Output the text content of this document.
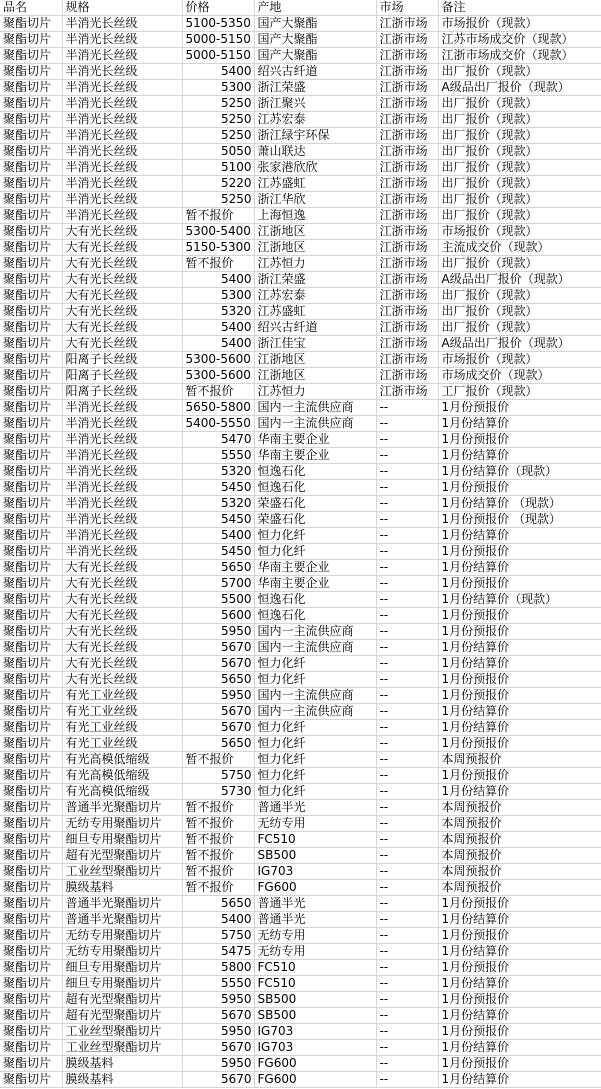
品名	规格	价格	产地	市场	备注
聚酯切片	半消光长丝级	5100-5350	国产大聚酯	江浙市场	市场报价（现款）
聚酯切片	半消光长丝级	5000-5150	国产大聚酯	江浙市场	江苏市场成交价（现款）
聚酯切片	半消光长丝级	5000-5150	国产大聚酯	江浙市场	江浙市场成交价（现款）
聚酯切片	半消光长丝级	5400	绍兴古纤道	江浙市场	出厂报价（现款）
聚酯切片	半消光长丝级	5300	浙江荣盛	江浙市场	A级品出厂报价（现款）
聚酯切片	半消光长丝级	5250	浙江聚兴	江浙市场	出厂报价（现款）
聚酯切片	半消光长丝级	5250	江苏宏泰	江浙市场	出厂报价（现款）
聚酯切片	半消光长丝级	5250	浙江绿宇环保	江浙市场	出厂报价（现款）
聚酯切片	半消光长丝级	5050	萧山联达	江浙市场	出厂报价（现款）
聚酯切片	半消光长丝级	5100	张家港欣欣	江浙市场	出厂报价（现款）
聚酯切片	半消光长丝级	5220	江苏盛虹	江浙市场	出厂报价（现款）
聚酯切片	半消光长丝级	5250	浙江华欣	江浙市场	出厂报价（现款）
聚酯切片	半消光长丝级	暂不报价	上海恒逸	江浙市场	出厂报价（现款）
聚酯切片	大有光长丝级	5300-5400	江浙地区	江浙市场	市场报价（现款）
聚酯切片	大有光长丝级	5150-5300	江浙地区	江浙市场	主流成交价（现款）
聚酯切片	大有光长丝级	暂不报价	江苏恒力	江浙市场	出厂报价（现款）
聚酯切片	大有光长丝级	5400	浙江荣盛	江浙市场	A级品出厂报价（现款）
聚酯切片	大有光长丝级	5300	江苏宏泰	江浙市场	出厂报价（现款）
聚酯切片	大有光长丝级	5320	江苏盛虹	江浙市场	出厂报价（现款）
聚酯切片	大有光长丝级	5400	绍兴古纤道	江浙市场	出厂报价（现款）
聚酯切片	大有光长丝级	5400	浙江佳宝	江浙市场	A级品出厂报价（现款）
聚酯切片	阳离子长丝级	5300-5600	江浙地区	江浙市场	市场报价（现款）
聚酯切片	阳离子长丝级	5300-5600	江浙地区	江浙市场	市场成交价（现款）
聚酯切片	阳离子长丝级	暂不报价	江苏恒力	江浙市场	工厂报价（现款）
聚酯切片	半消光长丝级	5650-5800	国内一主流供应商	--	1月份预报价
聚酯切片	半消光长丝级	5400-5550	国内一主流供应商	--	1月份结算价
聚酯切片	半消光长丝级	5470	华南主要企业	--	1月份预报价
聚酯切片	半消光长丝级	5550	华南主要企业	--	1月份结算价
聚酯切片	半消光长丝级	5320	恒逸石化	--	1月份结算价（现款）
聚酯切片	半消光长丝级	5450	恒逸石化	--	1月份预报价
聚酯切片	半消光长丝级	5320	荣盛石化	--	1月份结算价 （现款）
聚酯切片	半消光长丝级	5450	荣盛石化	--	1月份预报价 （现款）
聚酯切片	半消光长丝级	5400	恒力化纤	--	1月份结算价
聚酯切片	半消光长丝级	5450	恒力化纤	--	1月份预报价
聚酯切片	大有光长丝级	5650	华南主要企业	--	1月份结算价
聚酯切片	大有光长丝级	5700	华南主要企业	--	1月份预报价
聚酯切片	大有光长丝级	5500	恒逸石化	--	1月份结算价（现款）
聚酯切片	大有光长丝级	5600	恒逸石化	--	1月份预报价
聚酯切片	大有光长丝级	5950	国内一主流供应商	--	1月份预报价
聚酯切片	大有光长丝级	5670	国内一主流供应商	--	1月份结算价
聚酯切片	大有光长丝级	5670	恒力化纤	--	1月份结算价
聚酯切片	大有光长丝级	5650	恒力化纤	--	1月份预报价
聚酯切片	有光工业丝级	5950	国内一主流供应商	--	1月份预报价
聚酯切片	有光工业丝级	5670	国内一主流供应商	--	1月份结算价
聚酯切片	有光工业丝级	5670	恒力化纤	--	1月份结算价
聚酯切片	有光工业丝级	5650	恒力化纤	--	1月份预报价
聚酯切片	有光高模低缩级	暂不报价	恒力化纤	--	本周预报价
聚酯切片	有光高模低缩级	5750	恒力化纤	--	1月份预报价
聚酯切片	有光高模低缩级	5730	恒力化纤	--	1月份结算价
聚酯切片	普通半光聚酯切片	暂不报价	普通半光	--	本周预报价
聚酯切片	无纺专用聚酯切片	暂不报价	无纺专用	--	本周预报价
聚酯切片	细旦专用聚酯切片	暂不报价	FC510	--	本周预报价
聚酯切片	超有光型聚酯切片	暂不报价	SB500	--	本周预报价
聚酯切片	工业丝型聚酯切片	暂不报价	IG703	--	本周预报价
聚酯切片	膜级基料	暂不报价	FG600	--	本周预报价
聚酯切片	普通半光聚酯切片	5650	普通半光	--	1月份预报价
聚酯切片	普通半光聚酯切片	5400	普通半光	--	1月份结算价
聚酯切片	无纺专用聚酯切片	5750	无纺专用	--	1月份预报价
聚酯切片	无纺专用聚酯切片	5475	无纺专用	--	1月份结算价
聚酯切片	细旦专用聚酯切片	5800	FC510	--	1月份预报价
聚酯切片	细旦专用聚酯切片	5550	FC510	--	1月份结算价
聚酯切片	超有光型聚酯切片	5950	SB500	--	1月份预报价
聚酯切片	超有光型聚酯切片	5670	SB500	--	1月份结算价
聚酯切片	工业丝型聚酯切片	5950	IG703	--	1月份预报价
聚酯切片	工业丝型聚酯切片	5670	IG703	--	1月份结算价
聚酯切片	膜级基料	5950	FG600	--	1月份预报价
聚酯切片	膜级基料	5670	FG600	--	1月份结算价
